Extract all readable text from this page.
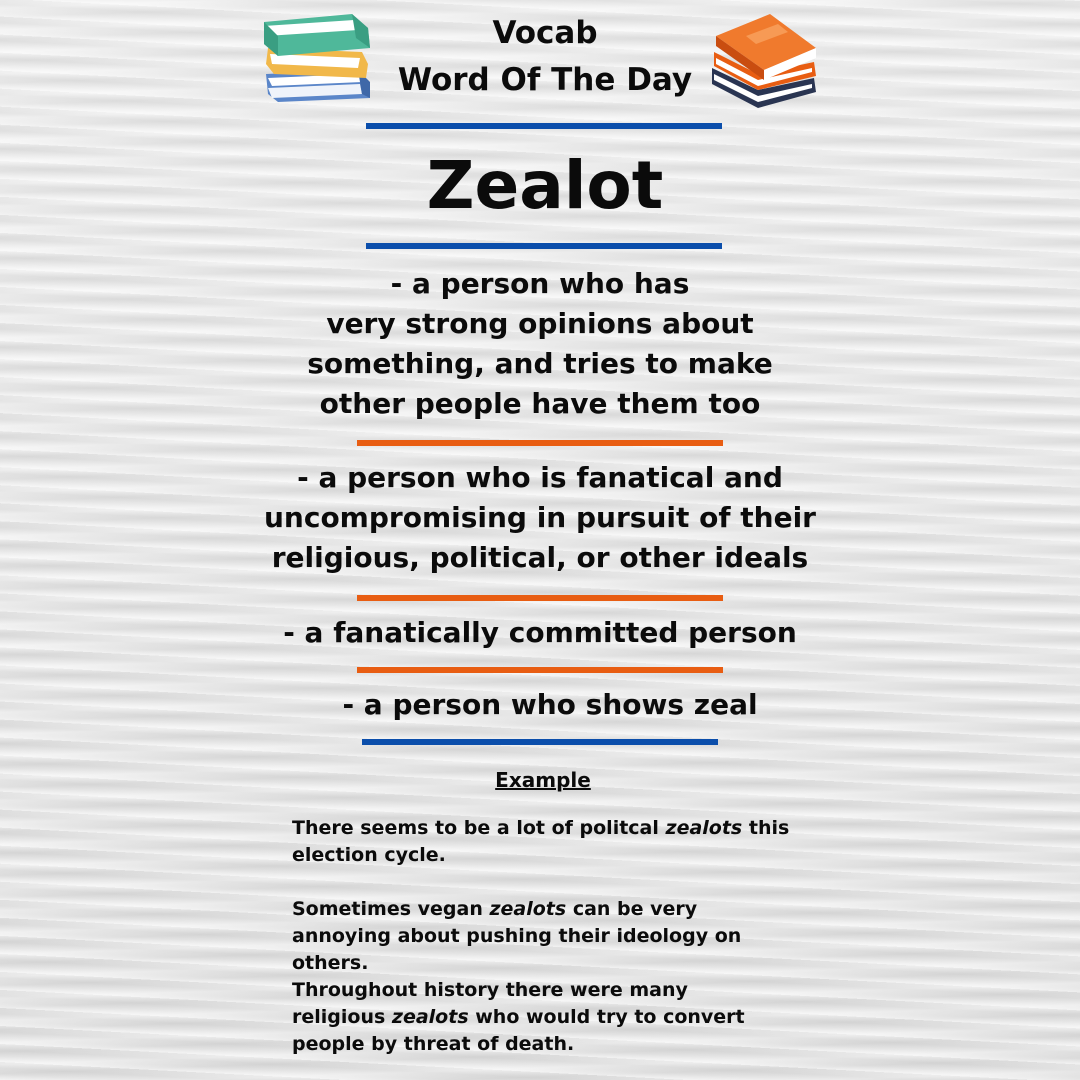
Vocab
Word Of The Day
Zealot
- a person who has
very strong opinions about
something, and tries to make
other people have them too
- a person who is fanatical and
uncompromising in pursuit of their
religious, political, or other ideals
- a fanatically committed person
- a person who shows zeal
Example
There seems to be a lot of politcal zealots this election cycle.
Sometimes vegan zealots can be very annoying about pushing their ideology on others.
Throughout history there were many religious zealots who would try to convert people by threat of death.
